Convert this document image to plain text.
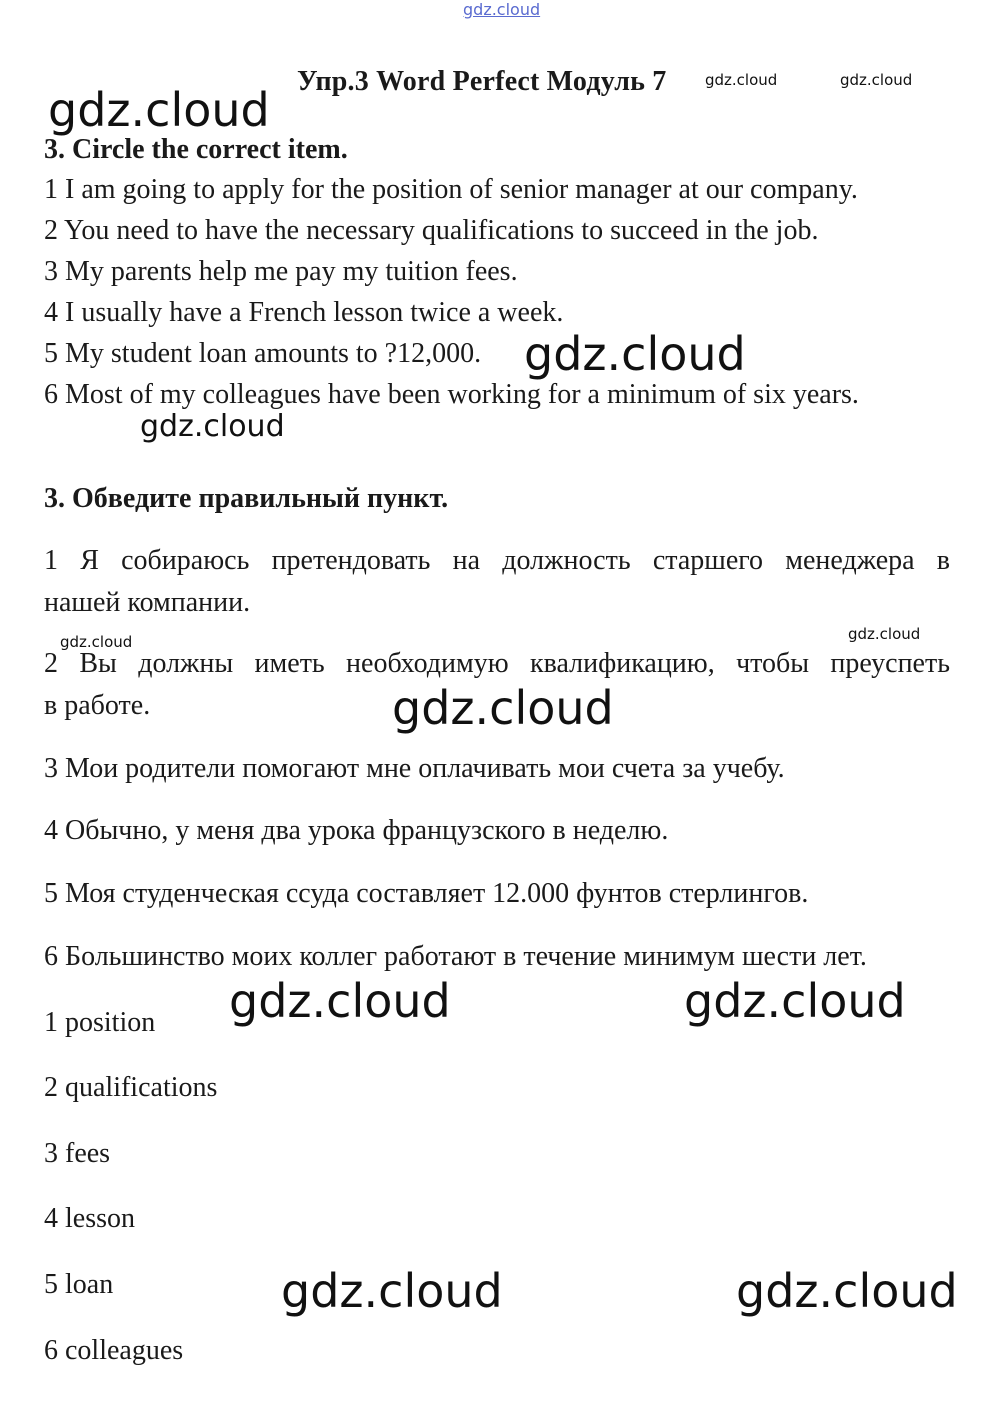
gdz.cloud
Упр.3 Word Perfect Модуль 7	gdz.cloud	gdz.cloud
gdz.cloud
3. Circle the correct item.
1 I am going to apply for the position of senior manager at our company.
2 You need to have the necessary qualifications to succeed in the job.
3 My parents help me pay my tuition fees.
4 I usually have a French lesson twice a week.
5 My student loan amounts to ?12,000. gdz.cloud
6 Most of my colleagues have been working for a minimum of six years.
gdz.cloud
3. Обведите правильный пункт.
1 Я собираюсь претендовать на должность старшего менеджера в
нашей компании.
gdz.cloud	gdz.cloud
2 Вы должны иметь необходимую квалификацию, чтобы преуспеть
в работе.	gdz.cloud
3 Мои родители помогают мне оплачивать мои счета за учебу.
4 Обычно, у меня два урока французского в неделю.
5 Моя студенческая ссуда составляет 12.000 фунтов стерлингов.
6 Большинство моих коллег работают в течение минимум шести лет.
gdz.cloud	gdz.cloud
1 position
2 qualifications
3 fees
4 lesson
5 loan	gdz.cloud	gdz.cloud
6 colleagues
